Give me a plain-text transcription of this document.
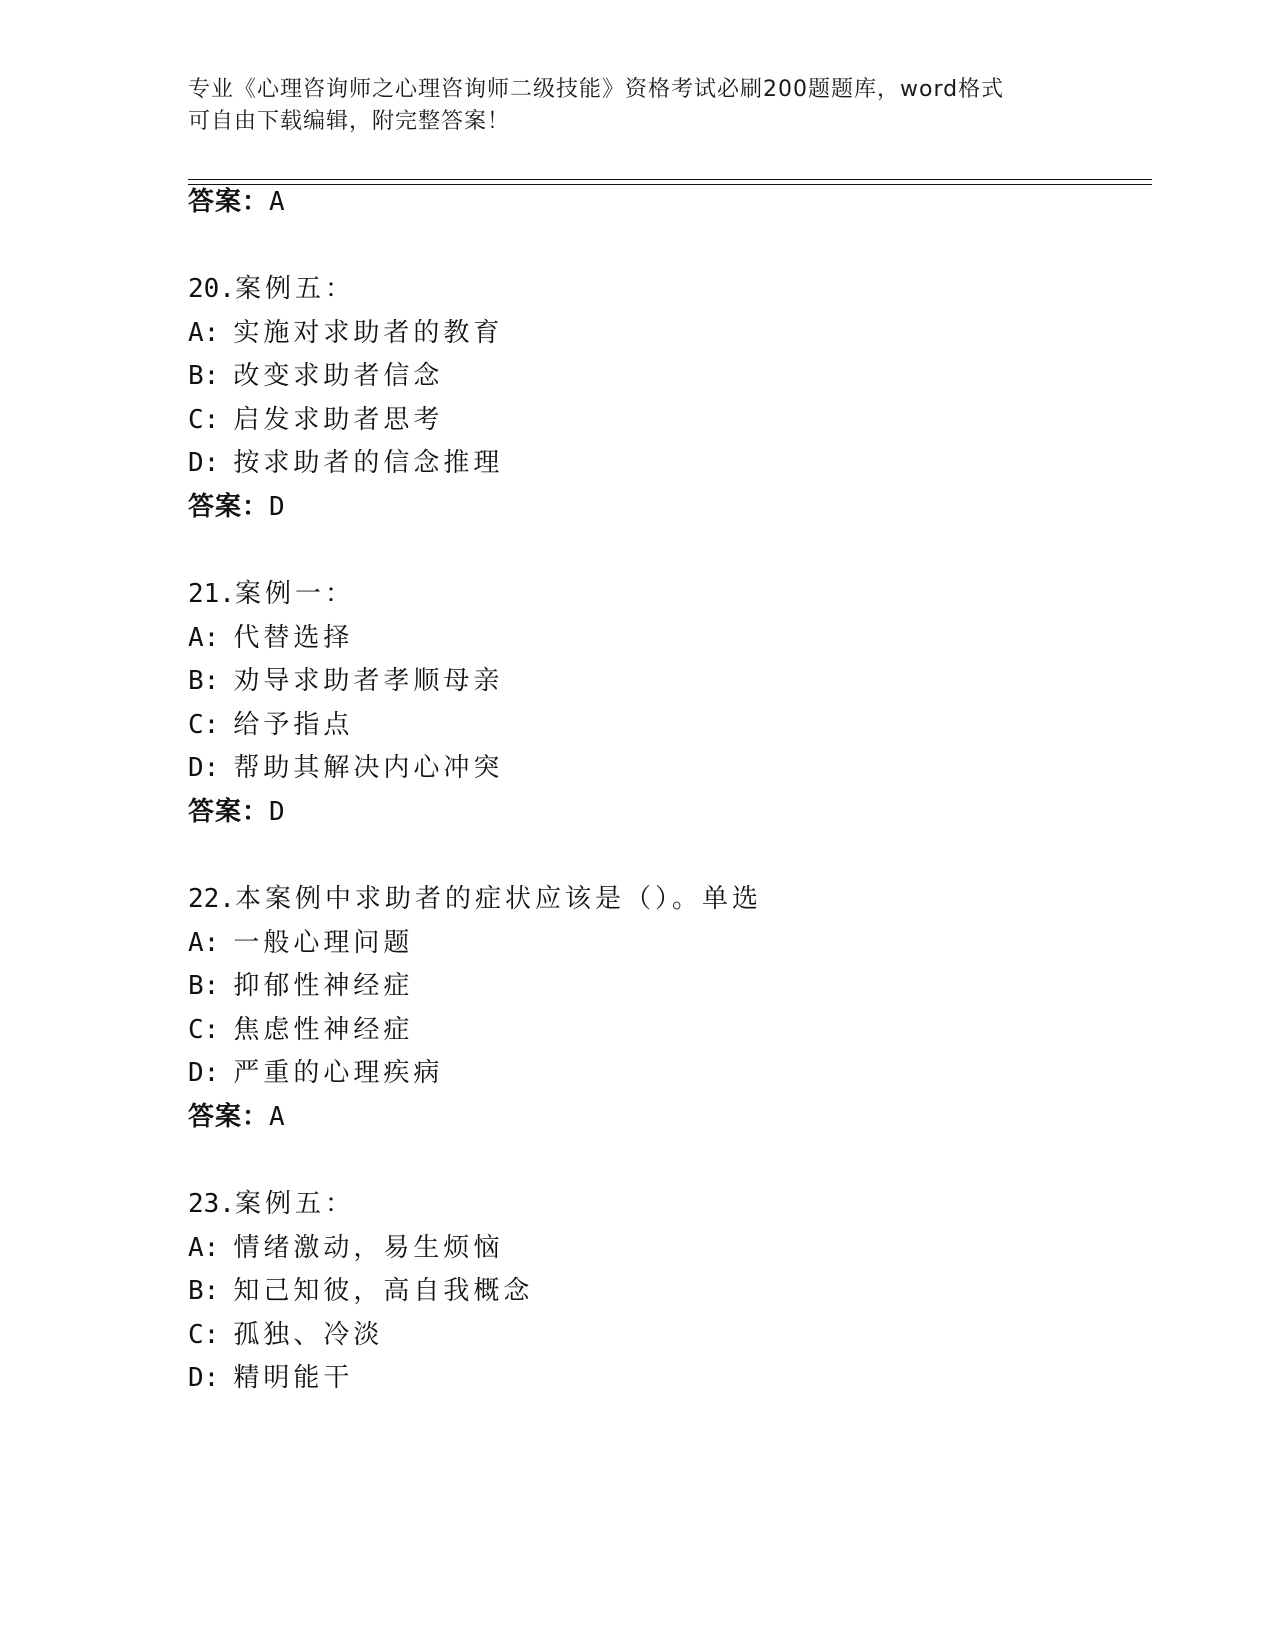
专业《心理咨询师之心理咨询师二级技能》资格考试必刷200题题库，word格式
可自由下载编辑，附完整答案！
答案：A
20.案例五：
A: 实施对求助者的教育
B: 改变求助者信念
C: 启发求助者思考
D: 按求助者的信念推理
答案：D
21.案例一：
A: 代替选择
B: 劝导求助者孝顺母亲
C: 给予指点
D: 帮助其解决内心冲突
答案：D
22.本案例中求助者的症状应该是（）。单选
A: 一般心理问题
B: 抑郁性神经症
C: 焦虑性神经症
D: 严重的心理疾病
答案：A
23.案例五：
A: 情绪激动，易生烦恼
B: 知己知彼，高自我概念
C: 孤独、冷淡
D: 精明能干
